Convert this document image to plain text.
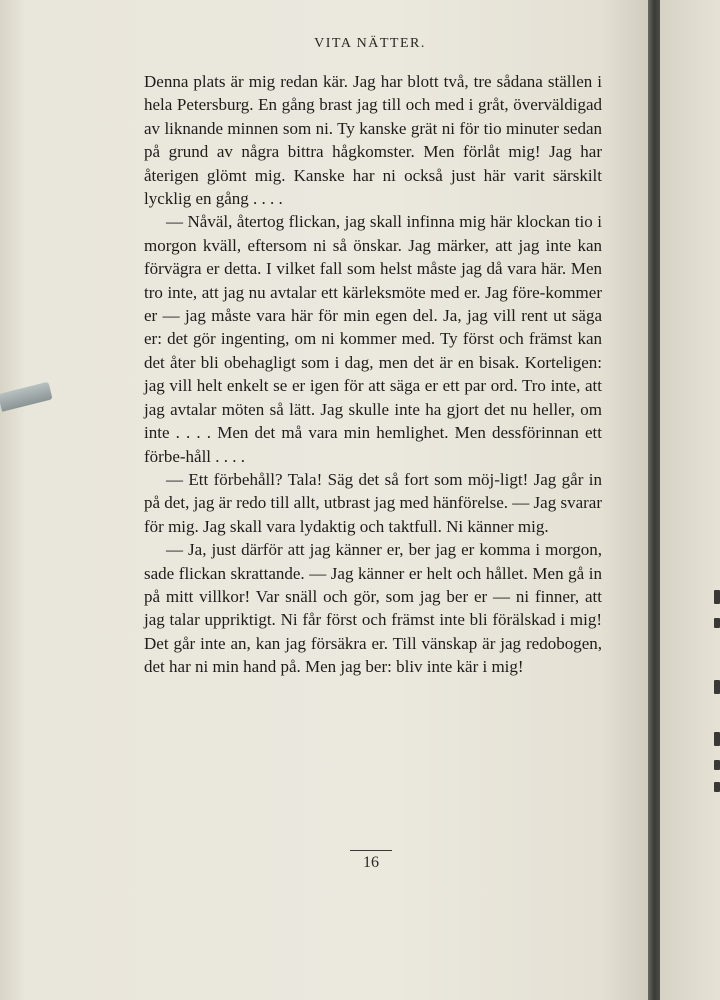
VITA NÄTTER.

Denna plats är mig redan kär. Jag har blott två, tre sådana ställen i hela Petersburg. En gång brast jag till och med i gråt, överväldigad av liknande minnen som ni. Ty kanske grät ni för tio minuter sedan på grund av några bittra hågkomster. Men förlåt mig! Jag har återigen glömt mig. Kanske har ni också just här varit särskilt lycklig en gång . . . .

— Nåväl, återtog flickan, jag skall infinna mig här klockan tio i morgon kväll, eftersom ni så önskar. Jag märker, att jag inte kan förvägra er detta. I vilket fall som helst måste jag då vara här. Men tro inte, att jag nu avtalar ett kärleksmöte med er. Jag före-kommer er — jag måste vara här för min egen del. Ja, jag vill rent ut säga er: det gör ingenting, om ni kommer med. Ty först och främst kan det åter bli obehagligt som i dag, men det är en bisak. Korteligen: jag vill helt enkelt se er igen för att säga er ett par ord. Tro inte, att jag avtalar möten så lätt. Jag skulle inte ha gjort det nu heller, om inte . . . . Men det må vara min hemlighet. Men dessförinnan ett förbe-håll . . . .

— Ett förbehåll? Tala! Säg det så fort som möj-ligt! Jag går in på det, jag är redo till allt, utbrast jag med hänförelse. — Jag svarar för mig. Jag skall vara lydaktig och taktfull. Ni känner mig.

— Ja, just därför att jag känner er, ber jag er komma i morgon, sade flickan skrattande. — Jag känner er helt och hållet. Men gå in på mitt villkor! Var snäll och gör, som jag ber er — ni finner, att jag talar uppriktigt. Ni får först och främst inte bli förälskad i mig! Det går inte an, kan jag försäkra er. Till vänskap är jag redobogen, det har ni min hand på. Men jag ber: bliv inte kär i mig!

16
